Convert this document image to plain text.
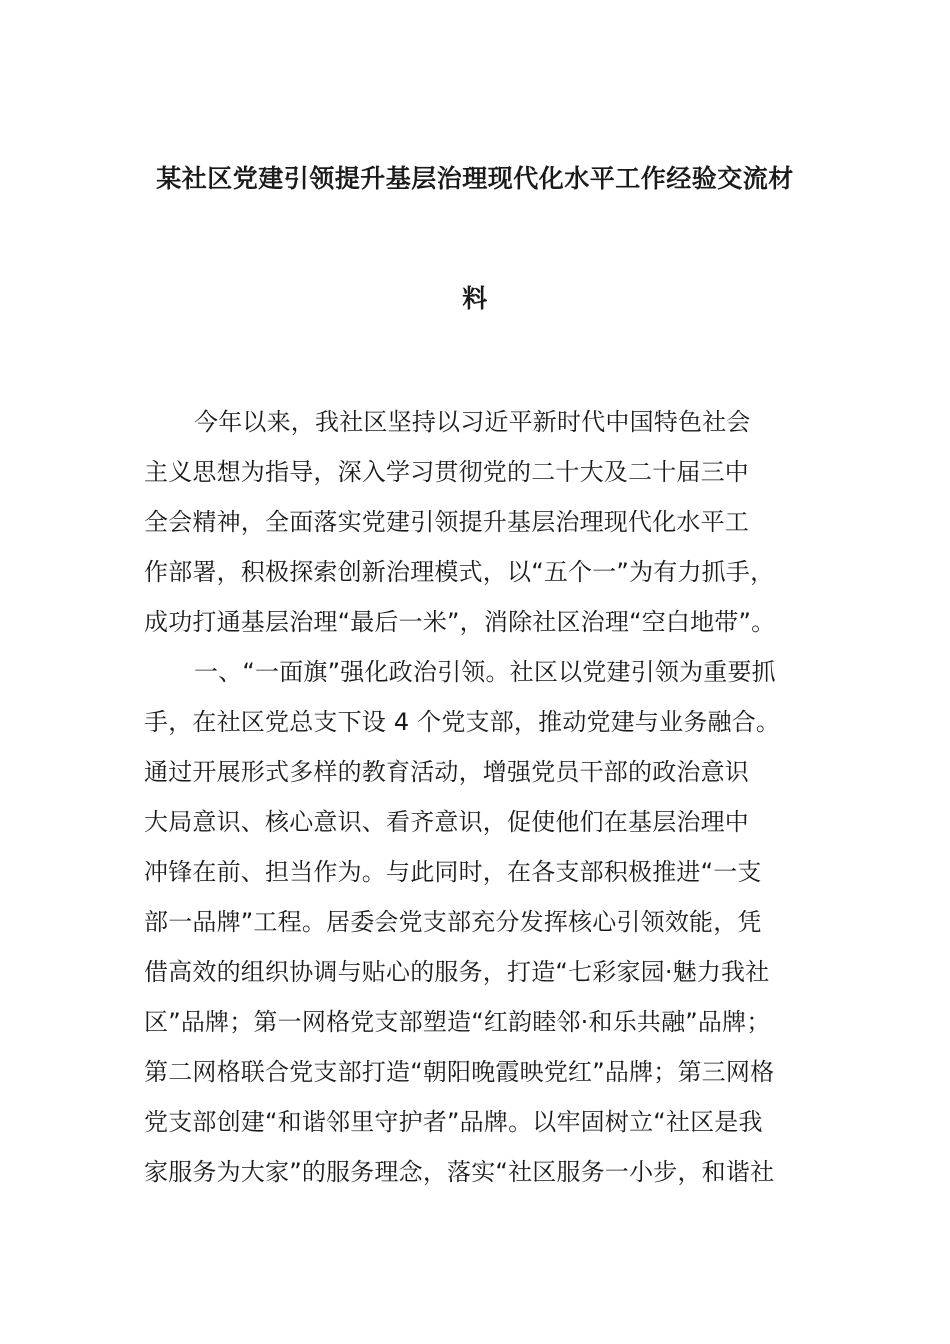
某社区党建引领提升基层治理现代化水平工作经验交流材
料
今年以来，我社区坚持以习近平新时代中国特色社会
主义思想为指导，深入学习贯彻党的二十大及二十届三中
全会精神，全面落实党建引领提升基层治理现代化水平工
作部署，积极探索创新治理模式，以“五个一”为有力抓手，
成功打通基层治理“最后一米”，消除社区治理“空白地带”。
一、“一面旗”强化政治引领。社区以党建引领为重要抓
手，在社区党总支下设 4 个党支部，推动党建与业务融合。
通过开展形式多样的教育活动，增强党员干部的政治意识
大局意识、核心意识、看齐意识，促使他们在基层治理中
冲锋在前、担当作为。与此同时，在各支部积极推进“一支
部一品牌”工程。居委会党支部充分发挥核心引领效能，凭
借高效的组织协调与贴心的服务，打造“七彩家园·魅力我社
区”品牌；第一网格党支部塑造“红韵睦邻·和乐共融”品牌；
第二网格联合党支部打造“朝阳晚霞映党红”品牌；第三网格
党支部创建“和谐邻里守护者”品牌。以牢固树立“社区是我
家服务为大家”的服务理念，落实“社区服务一小步，和谐社
